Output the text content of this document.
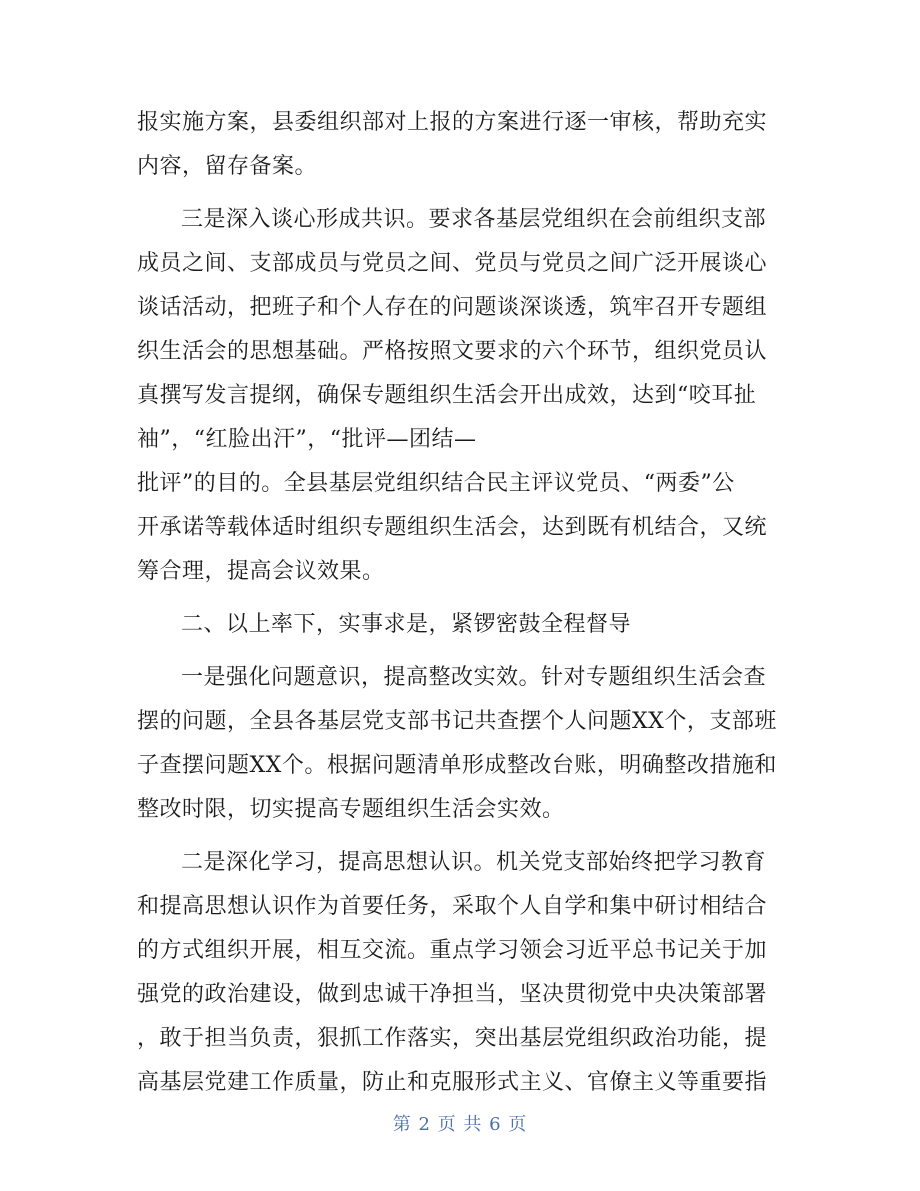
报实施方案，县委组织部对上报的方案进行逐一审核，帮助充实
内容，留存备案。
三是深入谈心形成共识。要求各基层党组织在会前组织支部
成员之间、支部成员与党员之间、党员与党员之间广泛开展谈心
谈话活动，把班子和个人存在的问题谈深谈透，筑牢召开专题组
织生活会的思想基础。严格按照文要求的六个环节，组织党员认
真撰写发言提纲，确保专题组织生活会开出成效，达到“咬耳扯
袖”，“红脸出汗”，“批评—团结—
批评”的目的。全县基层党组织结合民主评议党员、“两委”公
开承诺等载体适时组织专题组织生活会，达到既有机结合，又统
筹合理，提高会议效果。
二、以上率下，实事求是，紧锣密鼓全程督导
一是强化问题意识，提高整改实效。针对专题组织生活会查
摆的问题，全县各基层党支部书记共查摆个人问题XX个，支部班
子查摆问题XX个。根据问题清单形成整改台账，明确整改措施和
整改时限，切实提高专题组织生活会实效。
二是深化学习，提高思想认识。机关党支部始终把学习教育
和提高思想认识作为首要任务，采取个人自学和集中研讨相结合
的方式组织开展，相互交流。重点学习领会习近平总书记关于加
强党的政治建设，做到忠诚干净担当，坚决贯彻党中央决策部署
，敢于担当负责，狠抓工作落实，突出基层党组织政治功能，提
高基层党建工作质量，防止和克服形式主义、官僚主义等重要指
第 2 页 共 6 页
